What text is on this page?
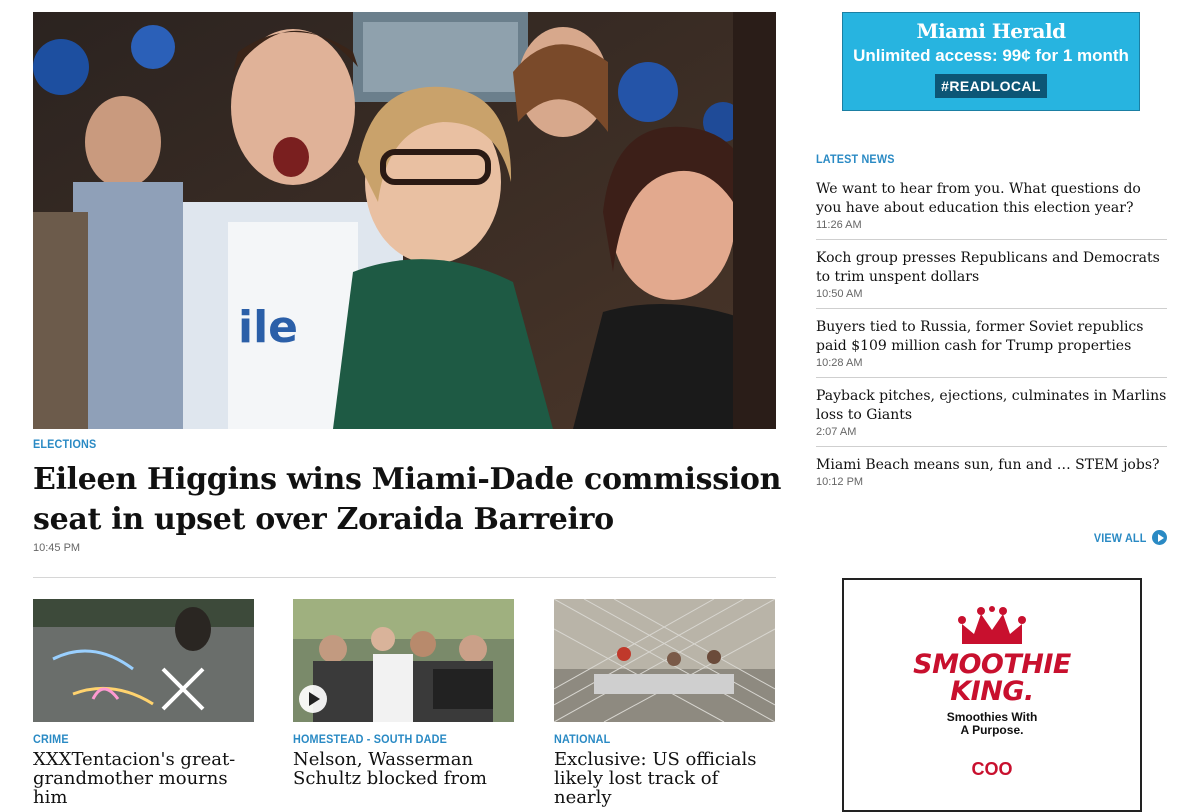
ile
ELECTIONS
Eileen Higgins wins Miami-Dade commission seat in upset over Zoraida Barreiro
10:45 PM
CRIME
XXXTentacion's great-grandmother mourns him
HOMESTEAD - SOUTH DADE
Nelson, Wasserman Schultz blocked from
NATIONAL
Exclusive: US officials likely lost track of nearly
Miami Herald
Unlimited access: 99¢ for 1 month
#READLOCAL
LATEST NEWS
We want to hear from you. What questions do you have about education this election year?
11:26 AM
Koch group presses Republicans and Democrats to trim unspent dollars
10:50 AM
Buyers tied to Russia, former Soviet republics paid $109 million cash for Trump properties
10:28 AM
Payback pitches, ejections, culminates in Marlins loss to Giants
2:07 AM
Miami Beach means sun, fun and … STEM jobs?
10:12 PM
VIEW ALL
SMOOTHIE
KING.
Smoothies With
A Purpose.
COO
